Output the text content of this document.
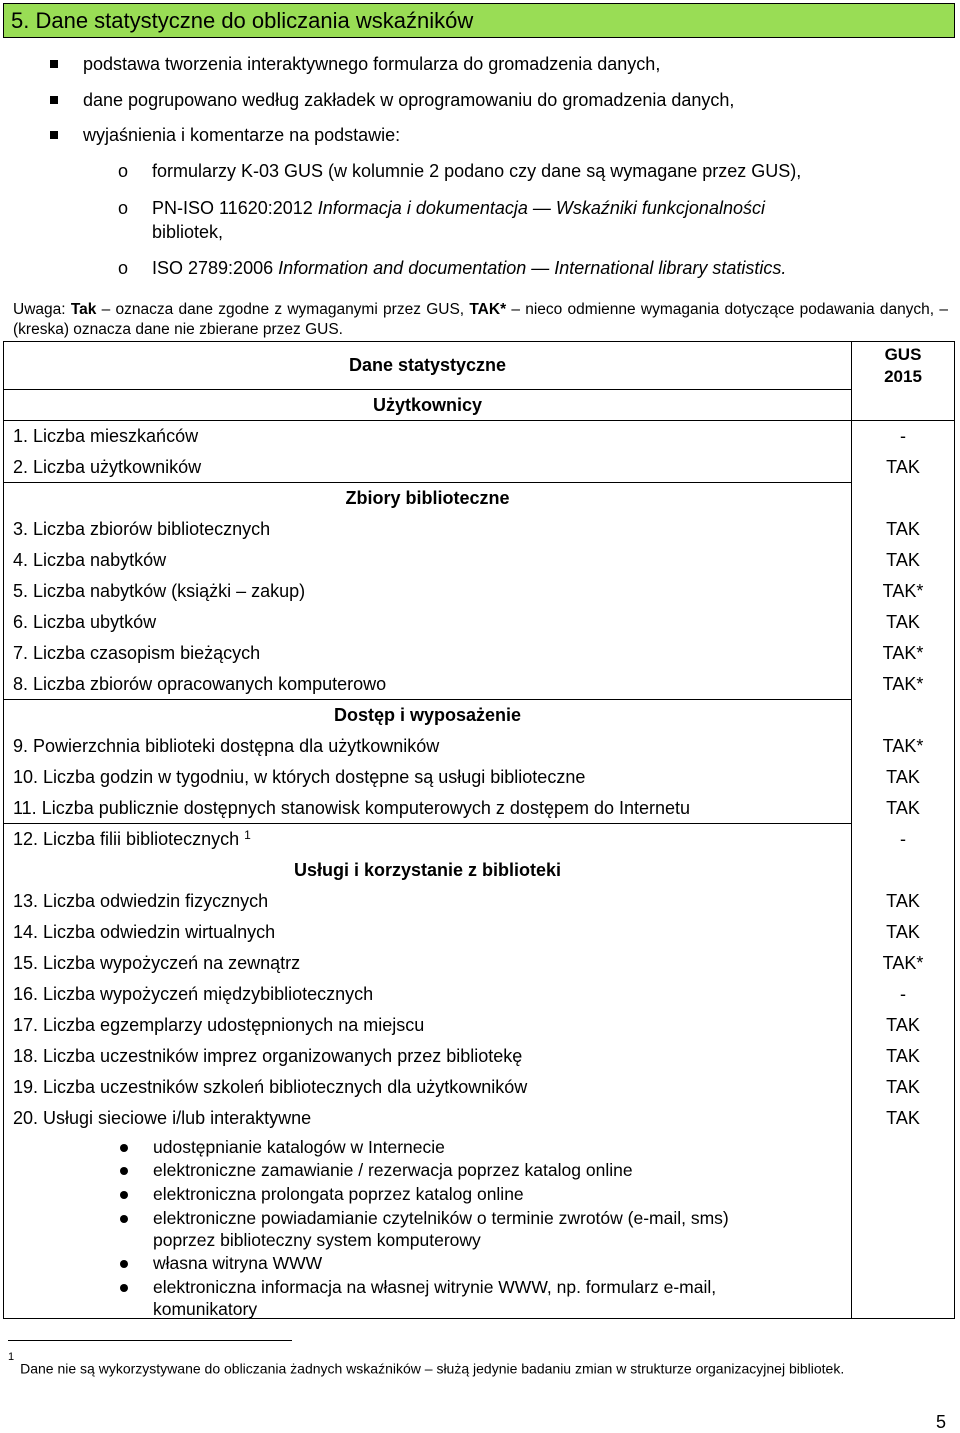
5. Dane statystyczne do obliczania wskaźników
podstawa tworzenia interaktywnego formularza do gromadzenia danych,
dane pogrupowano według zakładek w oprogramowaniu do gromadzenia danych,
wyjaśnienia i komentarze na podstawie:
o formularzy K-03 GUS (w kolumnie 2 podano czy dane są wymagane przez GUS),
o PN-ISO 11620:2012 Informacja i dokumentacja — Wskaźniki funkcjonalności
bibliotek,
o ISO 2789:2006 Information and documentation — International library statistics.
Uwaga: Tak – oznacza dane zgodne z wymaganymi przez GUS, TAK* – nieco odmienne wymagania dotyczące podawania danych, – (kreska) oznacza dane nie zbierane przez GUS.
Dane statystyczne
GUS
2015
Użytkownicy
1. Liczba mieszkańców	-
2. Liczba użytkowników	TAK
Zbiory biblioteczne
3. Liczba zbiorów bibliotecznych	TAK
4. Liczba nabytków	TAK
5. Liczba nabytków (książki – zakup)	TAK*
6. Liczba ubytków	TAK
7. Liczba czasopism bieżących	TAK*
8. Liczba zbiorów opracowanych komputerowo	TAK*
Dostęp i wyposażenie
9. Powierzchnia biblioteki dostępna dla użytkowników	TAK*
10. Liczba godzin w tygodniu, w których dostępne są usługi biblioteczne	TAK
11. Liczba publicznie dostępnych stanowisk komputerowych z dostępem do Internetu	TAK
12. Liczba filii bibliotecznych $^1$	-
Usługi i korzystanie z biblioteki
13. Liczba odwiedzin fizycznych	TAK
14. Liczba odwiedzin wirtualnych	TAK
15. Liczba wypożyczeń na zewnątrz	TAK*
16. Liczba wypożyczeń międzybibliotecznych	-
17. Liczba egzemplarzy udostępnionych na miejscu	TAK
18. Liczba uczestników imprez organizowanych przez bibliotekę	TAK
19. Liczba uczestników szkoleń bibliotecznych dla użytkowników	TAK
20. Usługi sieciowe i/lub interaktywne	TAK
udostępnianie katalogów w Internecie
elektroniczne zamawianie / rezerwacja poprzez katalog online
elektroniczna prolongata poprzez katalog online
elektroniczne powiadamianie czytelników o terminie zwrotów (e-mail, sms)
poprzez biblioteczny system komputerowy
własna witryna WWW
elektroniczna informacja na własnej witrynie WWW, np. formularz e-mail,
komunikatory
$^1$Dane nie są wykorzystywane do obliczania żadnych wskaźników – służą jedynie badaniu zmian w strukturze organizacyjnej bibliotek.
5
